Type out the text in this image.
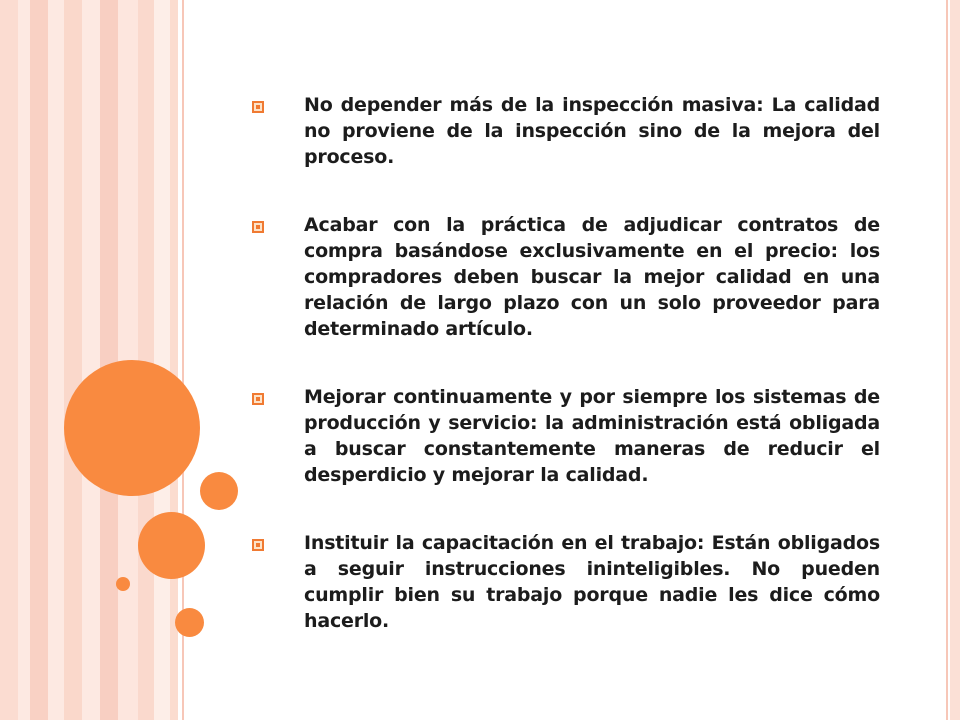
No depender más de la inspección masiva: La calidad no proviene de la inspección sino de la mejora del proceso.
Acabar con la práctica de adjudicar contratos de compra basándose exclusivamente en el precio: los compradores deben buscar la mejor calidad en una relación de largo plazo con un solo proveedor para determinado artículo.
Mejorar continuamente y por siempre los sistemas de producción y servicio: la administración está obligada a buscar constantemente maneras de reducir el desperdicio y mejorar la calidad.
Instituir la capacitación en el trabajo: Están obligados a seguir instrucciones ininteligibles. No pueden cumplir bien su trabajo porque nadie les dice cómo hacerlo.
